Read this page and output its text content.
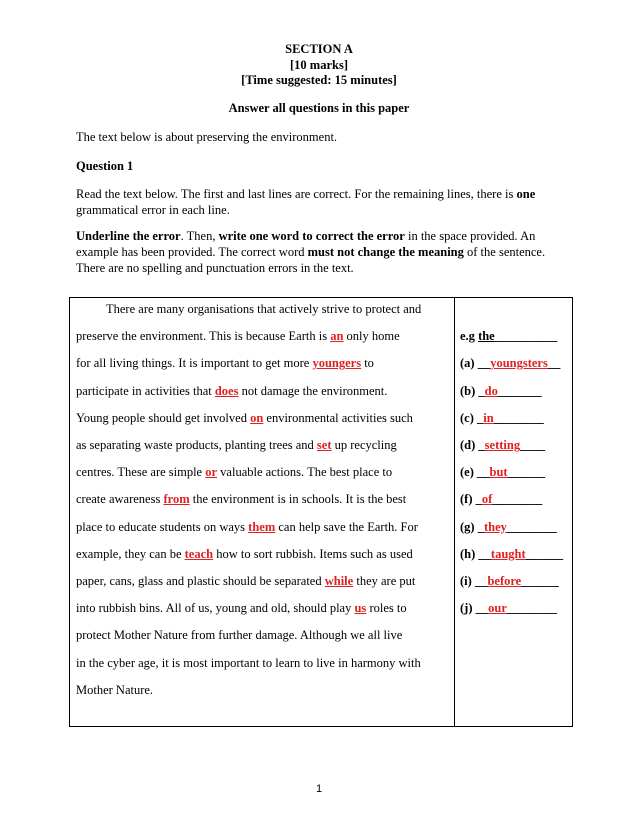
SECTION A
[10 marks]
[Time suggested: 15 minutes]
Answer all questions in this paper
The text below is about preserving the environment.
Question 1
Read the text below. The first and last lines are correct. For the remaining lines, there is one grammatical error in each line.
Underline the error. Then, write one word to correct the error in the space provided. An example has been provided. The correct word must not change the meaning of the sentence. There are no spelling and punctuation errors in the text.
There are many organisations that actively strive to protect and
preserve the environment. This is because Earth is an only home
for all living things. It is important to get more youngers to
participate in activities that does not damage the environment.
Young people should get involved on environmental activities such
as separating waste products, planting trees and set up recycling
centres. These are simple or valuable actions. The best place to
create awareness from the environment is in schools. It is the best
place to educate students on ways them can help save the Earth. For
example, they can be teach how to sort rubbish. Items such as used
paper, cans, glass and plastic should be separated while they are put
into rubbish bins. All of us, young and old, should play us roles to
protect Mother Nature from further damage. Although we all live
in the cyber age, it is most important to learn to live in harmony with
Mother Nature.
e.g the__________
(a) __youngsters__
(b) _do_______
(c) _in________
(d) _setting____
(e) __but______
(f) _of________
(g) _they________
(h) __taught______
(i) __before______
(j) __our________
1
